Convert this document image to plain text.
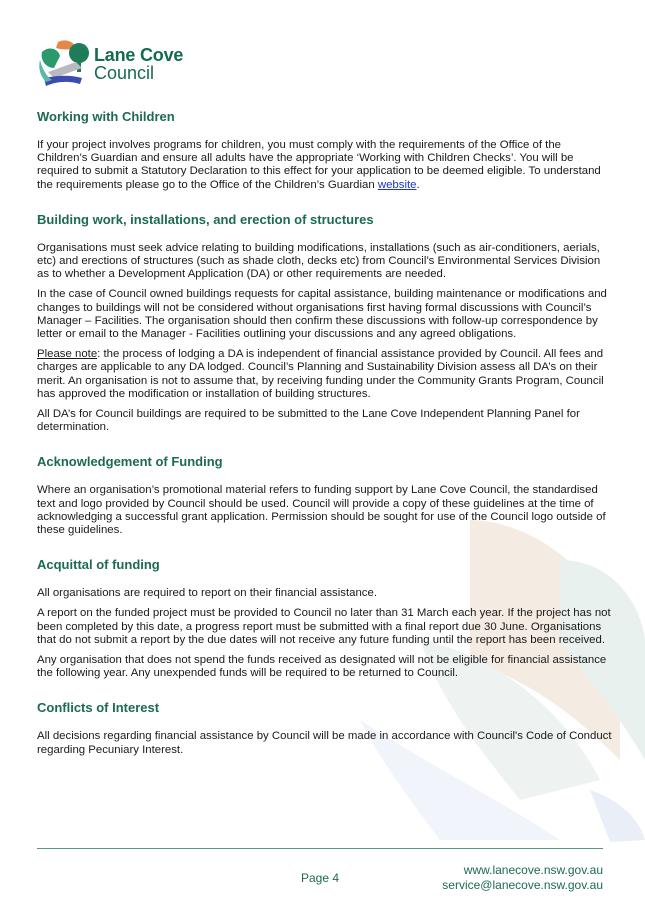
Lane Cove
Council
Working with Children

If your project involves programs for children, you must comply with the requirements of the Office of the Children’s Guardian and ensure all adults have the appropriate ‘Working with Children Checks’. You will be required to submit a Statutory Declaration to this effect for your application to be deemed eligible. To understand the requirements please go to the Office of the Children’s Guardian website.

Building work, installations, and erection of structures

Organisations must seek advice relating to building modifications, installations (such as air-conditioners, aerials, etc) and erections of structures (such as shade cloth, decks etc) from Council’s Environmental Services Division as to whether a Development Application (DA) or other requirements are needed.

In the case of Council owned buildings requests for capital assistance, building maintenance or modifications and changes to buildings will not be considered without organisations first having formal discussions with Council’s Manager – Facilities. The organisation should then confirm these discussions with follow-up correspondence by letter or email to the Manager - Facilities outlining your discussions and any agreed obligations.

Please note: the process of lodging a DA is independent of financial assistance provided by Council. All fees and charges are applicable to any DA lodged. Council’s Planning and Sustainability Division assess all DA’s on their merit. An organisation is not to assume that, by receiving funding under the Community Grants Program, Council has approved the modification or installation of building structures.

All DA’s for Council buildings are required to be submitted to the Lane Cove Independent Planning Panel for determination.

Acknowledgement of Funding

Where an organisation’s promotional material refers to funding support by Lane Cove Council, the standardised text and logo provided by Council should be used. Council will provide a copy of these guidelines at the time of acknowledging a successful grant application. Permission should be sought for use of the Council logo outside of these guidelines.

Acquittal of funding

All organisations are required to report on their financial assistance.

A report on the funded project must be provided to Council no later than 31 March each year. If the project has not been completed by this date, a progress report must be submitted with a final report due 30 June. Organisations that do not submit a report by the due dates will not receive any future funding until the report has been received.

Any organisation that does not spend the funds received as designated will not be eligible for financial assistance the following year. Any unexpended funds will be required to be returned to Council.

Conflicts of Interest

All decisions regarding financial assistance by Council will be made in accordance with Council's Code of Conduct regarding Pecuniary Interest.

Page 4
www.lanecove.nsw.gov.au
service@lanecove.nsw.gov.au
